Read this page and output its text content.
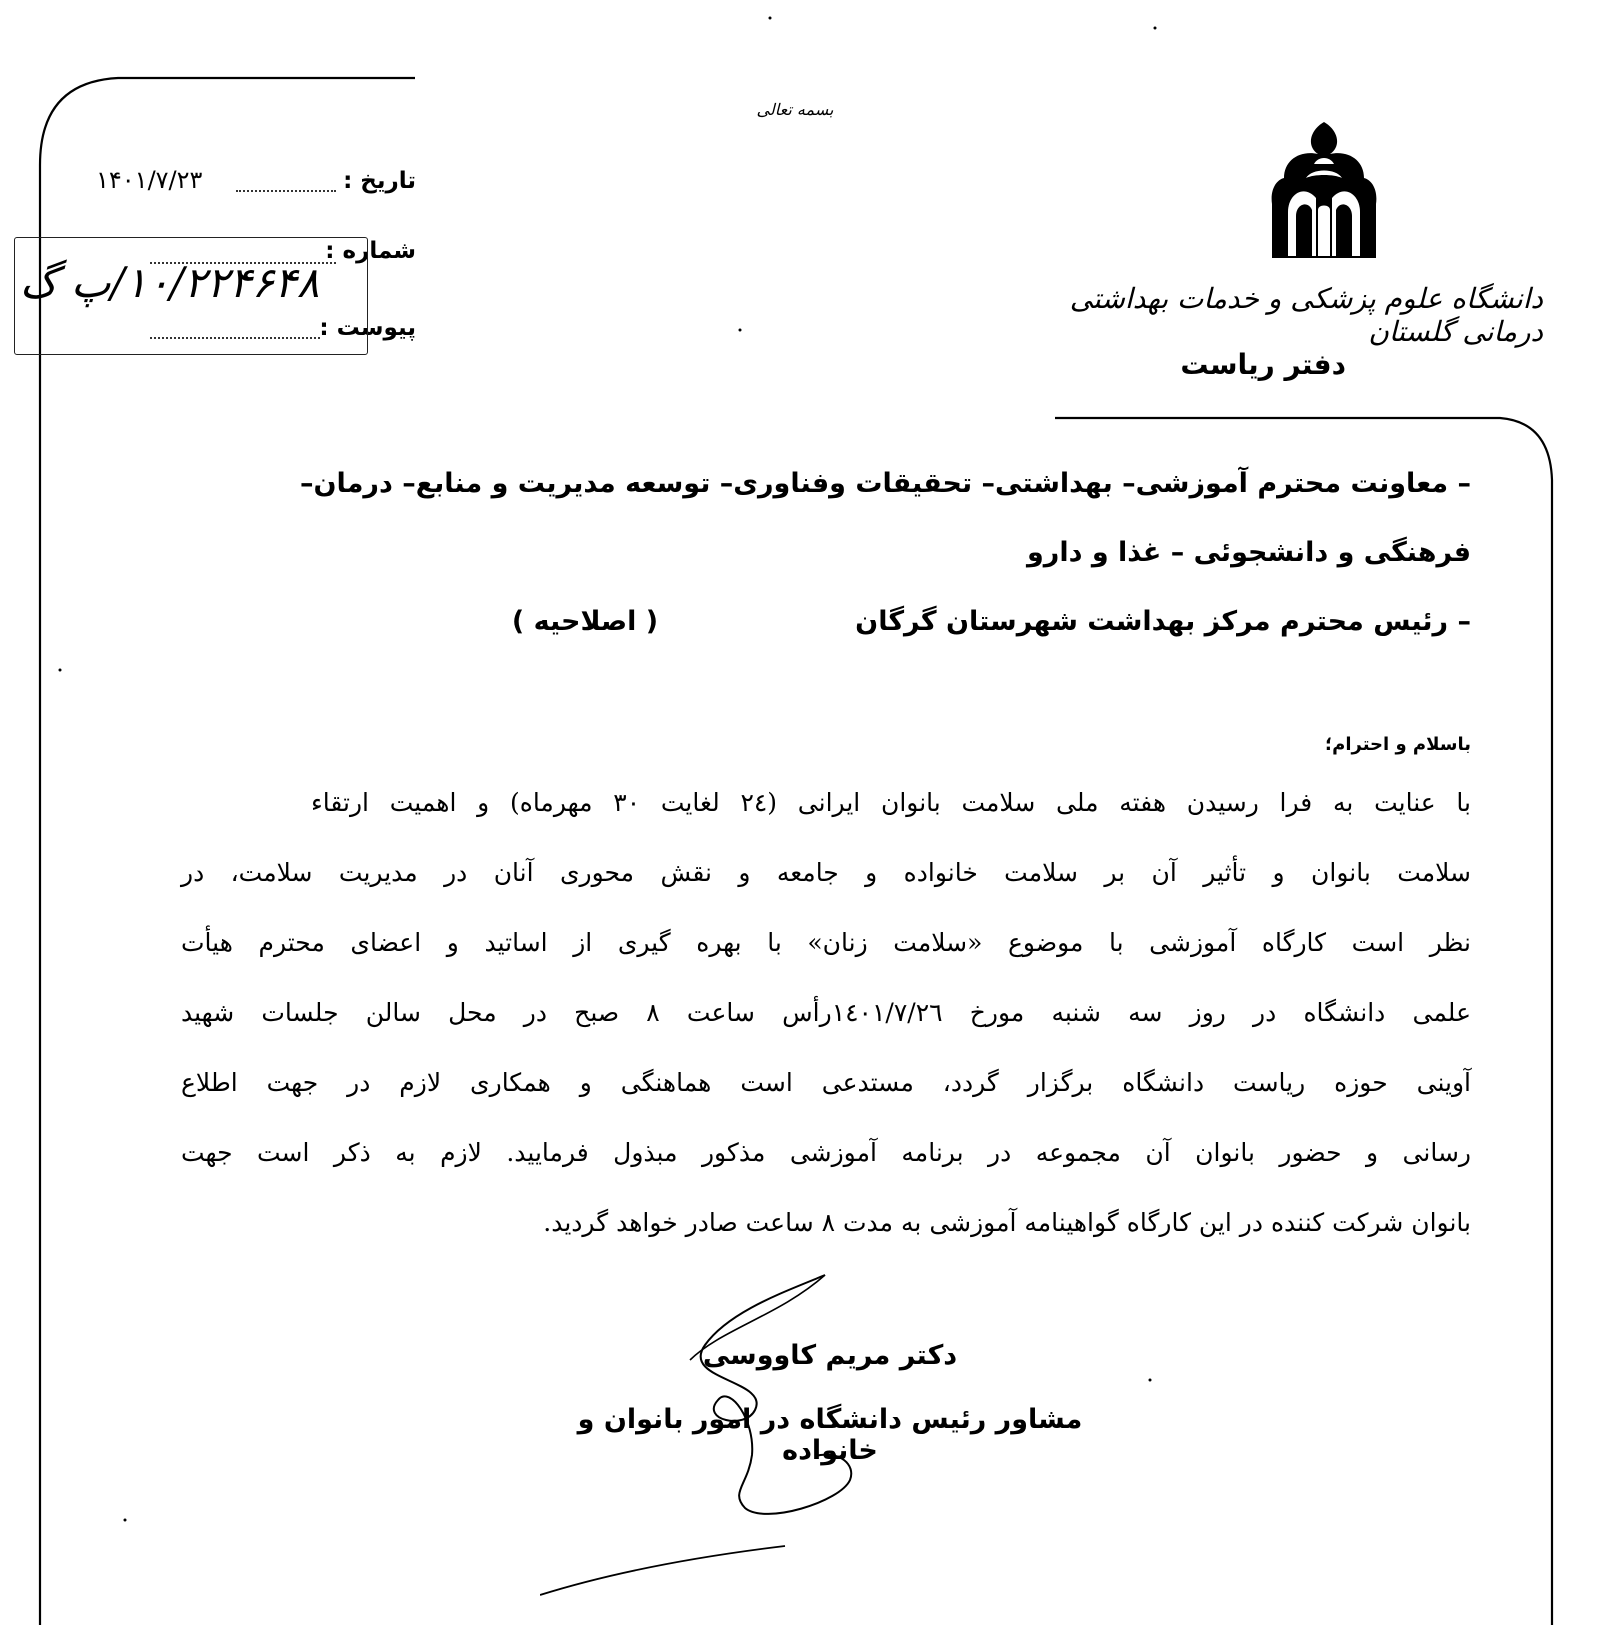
بسمه تعالی
دانشگاه علوم پزشکی و خدمات بهداشتی درمانی گلستان
دفتر ریاست
تاریخ :
۱۴۰۱/۷/۲۳
شماره :
پیوست :
۱۰/۲۲۴۶۴۸/پ گ
– معاونت محترم آموزشی– بهداشتی– تحقیقات وفناوری– توسعه مدیریت و منابع– درمان–
فرهنگی و دانشجوئی – غذا و دارو
– رئیس محترم مرکز بهداشت شهرستان گرگان
( اصلاحیه )
باسلام و احترام؛
با عنایت به فرا رسیدن هفته ملی سلامت بانوان ایرانی (۲٤ لغایت ۳۰ مهرماه) و اهمیت ارتقاء
سلامت بانوان و تأثیر آن بر سلامت خانواده و جامعه و نقش محوری آنان در مدیریت سلامت، در
نظر است کارگاه آموزشی با موضوع «سلامت زنان» با بهره گیری از اساتید و اعضای محترم هیأت
علمی دانشگاه در روز سه شنبه مورخ ۱٤۰۱/۷/۲٦رأس ساعت ۸ صبح در محل سالن جلسات شهید
آوینی حوزه ریاست دانشگاه برگزار گردد، مستدعی است هماهنگی و همکاری لازم در جهت اطلاع
رسانی و حضور بانوان آن مجموعه در برنامه آموزشی مذکور مبذول فرمایید. لازم به ذکر است جهت
بانوان شرکت کننده در این کارگاه گواهینامه آموزشی به مدت ۸ ساعت صادر خواهد گردید.
دکتر مریم کاووسی
مشاور رئیس دانشگاه در امور بانوان و خانواده
